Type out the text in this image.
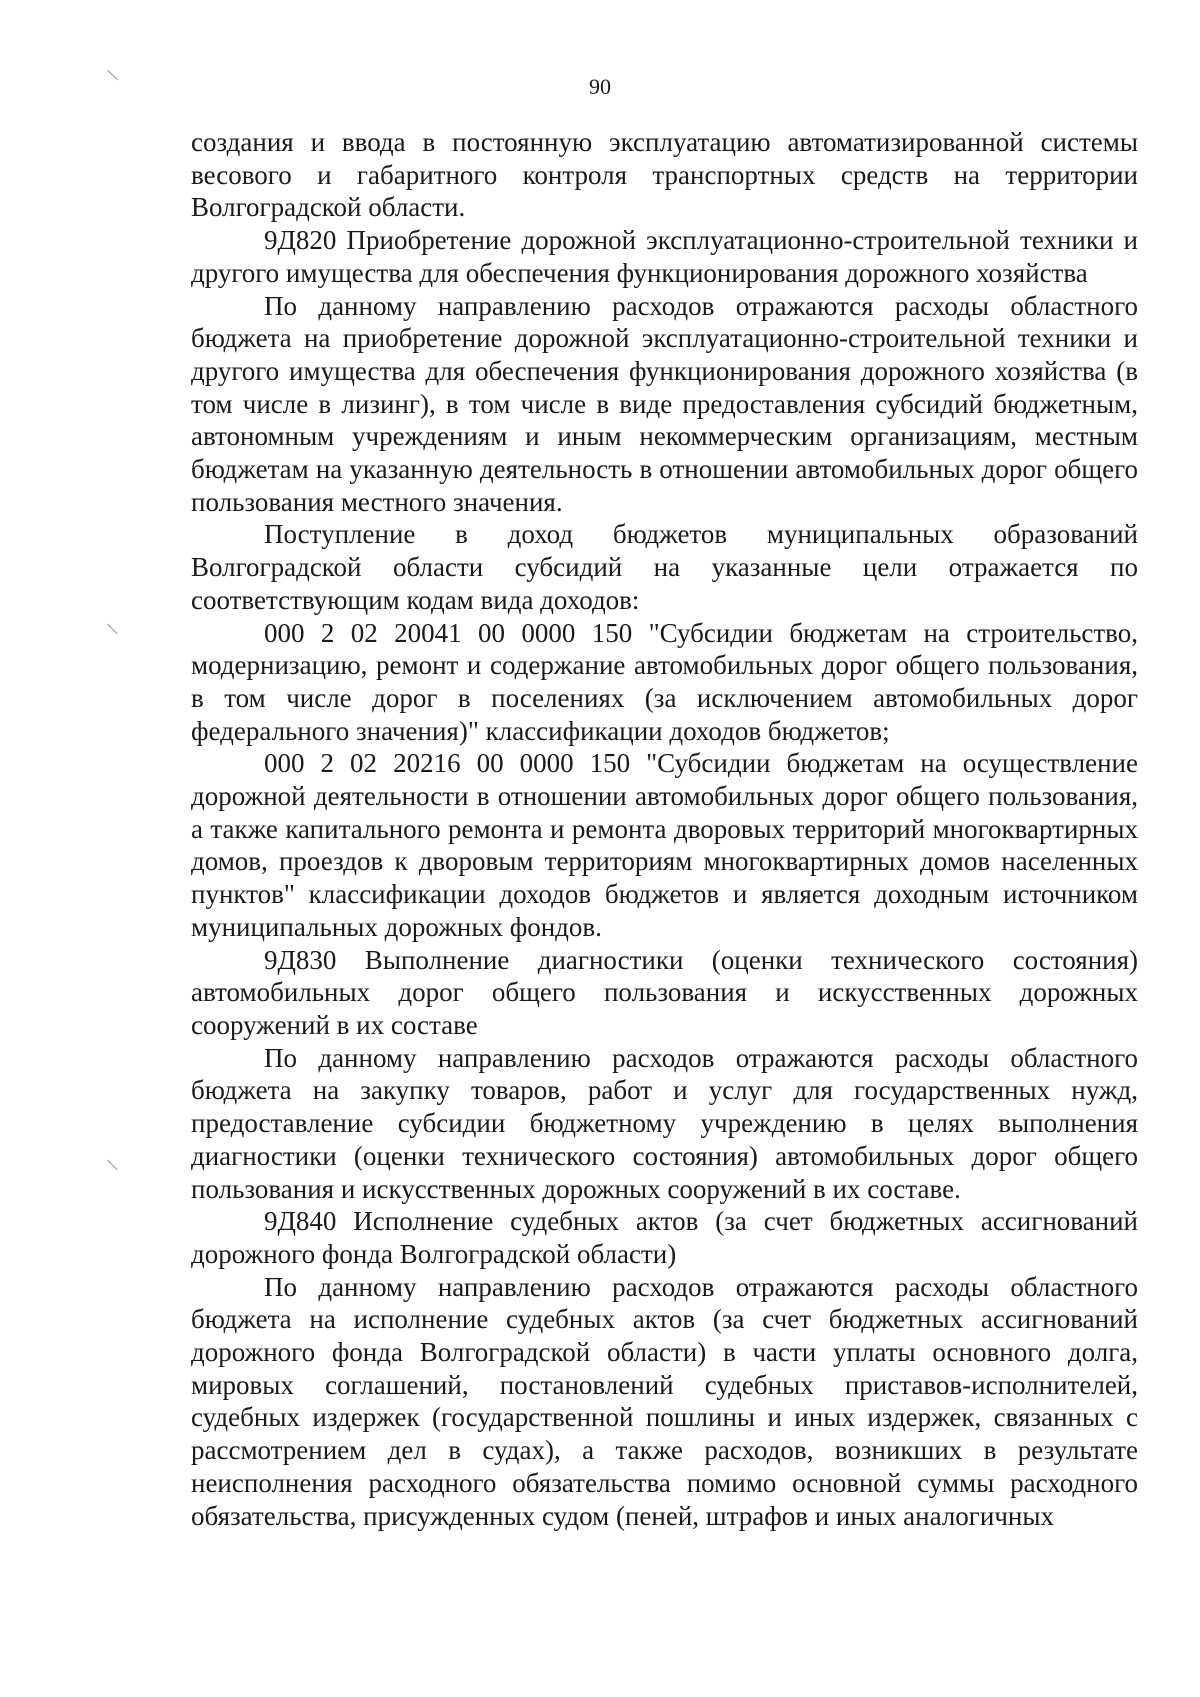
90

создания и ввода в постоянную эксплуатацию автоматизированной системы весового и габаритного контроля транспортных средств на территории Волгоградской области.

9Д820 Приобретение дорожной эксплуатационно-строительной техники и другого имущества для обеспечения функционирования дорожного хозяйства

По данному направлению расходов отражаются расходы областного бюджета на приобретение дорожной эксплуатационно-строительной техники и другого имущества для обеспечения функционирования дорожного хозяйства (в том числе в лизинг), в том числе в виде предоставления субсидий бюджетным, автономным учреждениям и иным некоммерческим организациям, местным бюджетам на указанную деятельность в отношении автомобильных дорог общего пользования местного значения.

Поступление в доход бюджетов муниципальных образований Волгоградской области субсидий на указанные цели отражается по соответствующим кодам вида доходов:

000 2 02 20041 00 0000 150 "Субсидии бюджетам на строительство, модернизацию, ремонт и содержание автомобильных дорог общего пользования, в том числе дорог в поселениях (за исключением автомобильных дорог федерального значения)" классификации доходов бюджетов;

000 2 02 20216 00 0000 150 "Субсидии бюджетам на осуществление дорожной деятельности в отношении автомобильных дорог общего пользования, а также капитального ремонта и ремонта дворовых территорий многоквартирных домов, проездов к дворовым территориям многоквартирных домов населенных пунктов" классификации доходов бюджетов и является доходным источником муниципальных дорожных фондов.

9Д830 Выполнение диагностики (оценки технического состояния) автомобильных дорог общего пользования и искусственных дорожных сооружений в их составе

По данному направлению расходов отражаются расходы областного бюджета на закупку товаров, работ и услуг для государственных нужд, предоставление субсидии бюджетному учреждению в целях выполнения диагностики (оценки технического состояния) автомобильных дорог общего пользования и искусственных дорожных сооружений в их составе.

9Д840 Исполнение судебных актов (за счет бюджетных ассигнований дорожного фонда Волгоградской области)

По данному направлению расходов отражаются расходы областного бюджета на исполнение судебных актов (за счет бюджетных ассигнований дорожного фонда Волгоградской области) в части уплаты основного долга, мировых соглашений, постановлений судебных приставов-исполнителей, судебных издержек (государственной пошлины и иных издержек, связанных с рассмотрением дел в судах), а также расходов, возникших в результате неисполнения расходного обязательства помимо основной суммы расходного обязательства, присужденных судом (пеней, штрафов и иных аналогичных
